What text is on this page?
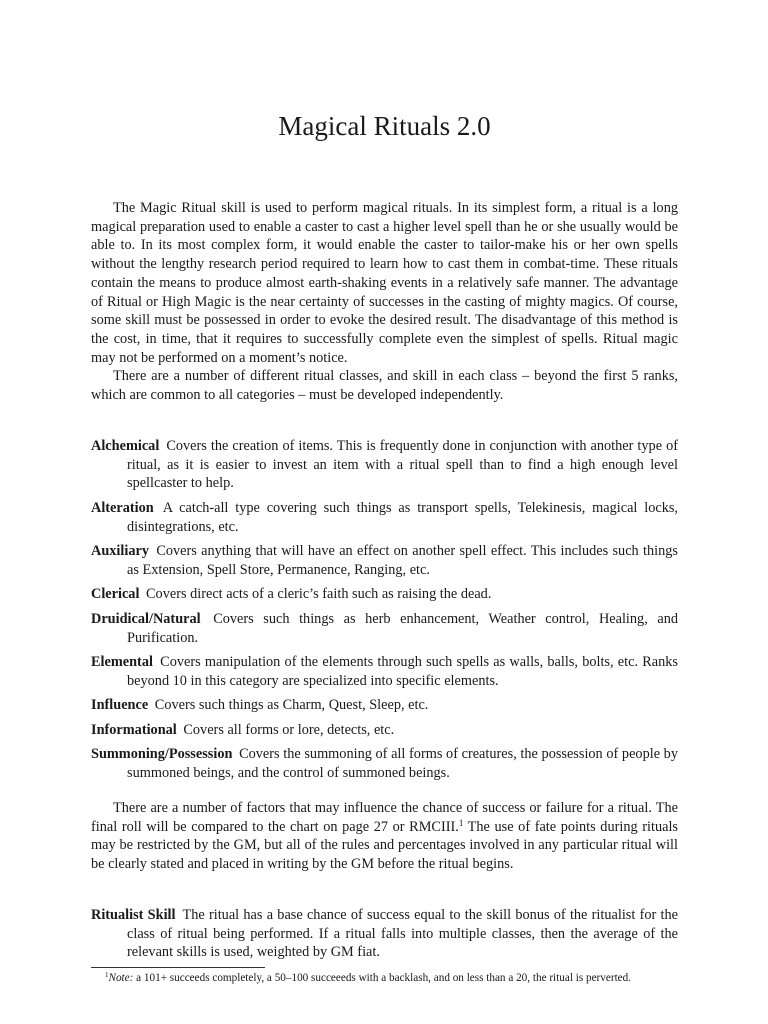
Magical Rituals 2.0

The Magic Ritual skill is used to perform magical rituals. In its simplest form, a ritual is a long magical preparation used to enable a caster to cast a higher level spell than he or she usually would be able to. In its most complex form, it would enable the caster to tailor-make his or her own spells without the lengthy research period required to learn how to cast them in combat-time. These rituals contain the means to produce almost earth-shaking events in a relatively safe manner. The advantage of Ritual or High Magic is the near certainty of successes in the casting of mighty magics. Of course, some skill must be possessed in order to evoke the desired result. The disadvantage of this method is the cost, in time, that it requires to successfully complete even the simplest of spells. Ritual magic may not be performed on a moment’s notice.

There are a number of different ritual classes, and skill in each class – beyond the first 5 ranks, which are common to all categories – must be developed independently.

Alchemical Covers the creation of items. This is frequently done in conjunction with another type of ritual, as it is easier to invest an item with a ritual spell than to find a high enough level spellcaster to help.

Alteration A catch-all type covering such things as transport spells, Telekinesis, magical locks, disintegrations, etc.

Auxiliary Covers anything that will have an effect on another spell effect. This includes such things as Extension, Spell Store, Permanence, Ranging, etc.

Clerical Covers direct acts of a cleric’s faith such as raising the dead.

Druidical/Natural Covers such things as herb enhancement, Weather control, Healing, and Purification.

Elemental Covers manipulation of the elements through such spells as walls, balls, bolts, etc. Ranks beyond 10 in this category are specialized into specific elements.

Influence Covers such things as Charm, Quest, Sleep, etc.

Informational Covers all forms or lore, detects, etc.

Summoning/Possession Covers the summoning of all forms of creatures, the possession of people by summoned beings, and the control of summoned beings.

There are a number of factors that may influence the chance of success or failure for a ritual. The final roll will be compared to the chart on page 27 or RMCIII.$^1$ The use of fate points during rituals may be restricted by the GM, but all of the rules and percentages involved in any particular ritual will be clearly stated and placed in writing by the GM before the ritual begins.

Ritualist Skill The ritual has a base chance of success equal to the skill bonus of the ritualist for the class of ritual being performed. If a ritual falls into multiple classes, then the average of the relevant skills is used, weighted by GM fiat.

$^1$Note: a 101+ succeeds completely, a 50–100 succeeeds with a backlash, and on less than a 20, the ritual is perverted.
